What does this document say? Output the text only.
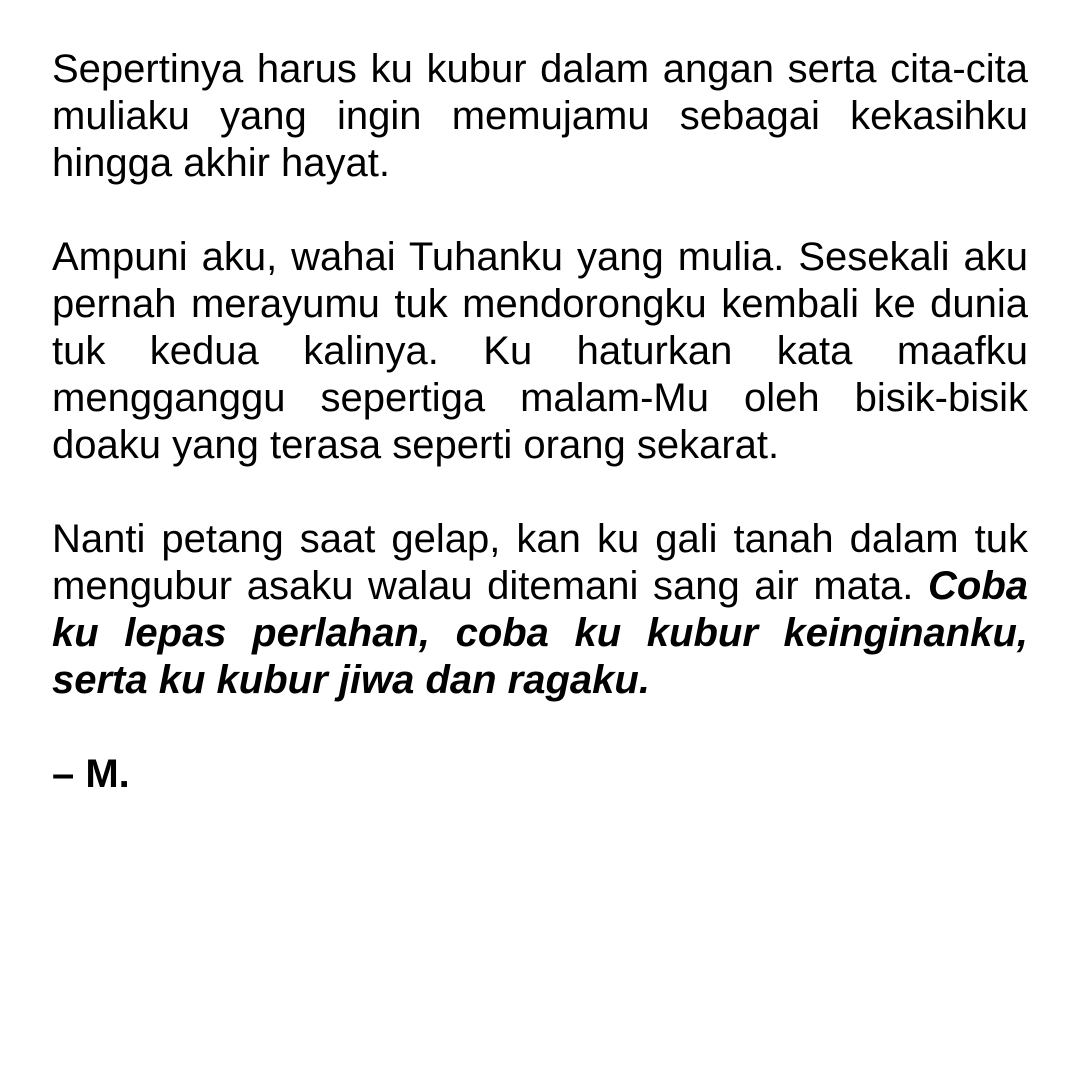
Sepertinya harus ku kubur dalam angan serta cita-cita muliaku yang ingin memujamu sebagai kekasihku hingga akhir hayat.

Ampuni aku, wahai Tuhanku yang mulia. Sesekali aku pernah merayumu tuk mendorongku kembali ke dunia tuk kedua kalinya. Ku haturkan kata maafku mengganggu sepertiga malam-Mu oleh bisik-bisik doaku yang terasa seperti orang sekarat.

Nanti petang saat gelap, kan ku gali tanah dalam tuk mengubur asaku walau ditemani sang air mata. Coba ku lepas perlahan, coba ku kubur keinginanku, serta ku kubur jiwa dan ragaku.

– M.
